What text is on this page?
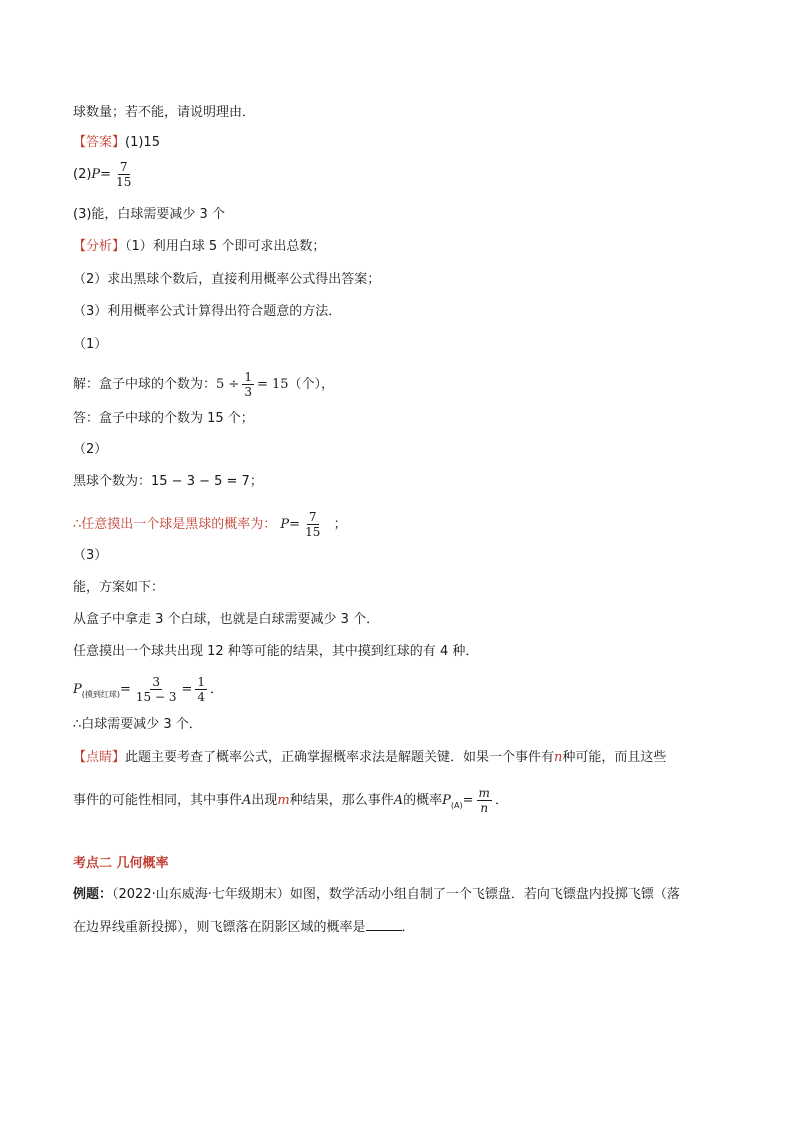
球数量；若不能，请说明理由．
【答案】(1)15
$(2)P= \frac{7}{15}$
(3)能，白球需要减少 3 个
【分析】（1）利用白球 5 个即可求出总数；
（2）求出黑球个数后，直接利用概率公式得出答案；
（3）利用概率公式计算得出符合题意的方法．
（1）
解：盒子中球的个数为：$5 \div \frac{1}{3} = 15$（个），
答：盒子中球的个数为 15 个；
（2）
黑球个数为：15 − 3 − 5 = 7；
∴任意摸出一个球是黑球的概率为： $P= \frac{7}{15}$ ；
（3）
能，方案如下：
从盒子中拿走 3 个白球，也就是白球需要减少 3 个．
任意摸出一个球共出现 12 种等可能的结果，其中摸到红球的有 4 种．
$P_{(摸到红球)}= \frac{3}{15 - 3} = \frac{1}{4}$ ．
∴白球需要减少 3 个．
【点睛】此题主要考查了概率公式，正确掌握概率求法是解题关键．如果一个事件有n种可能，而且这些
事件的可能性相同，其中事件A出现m种结果，那么事件A的概率$P_{(A)}= \frac{m}{n}$ ．
考点二 几何概率
例题：（2022·山东威海·七年级期末）如图，数学活动小组自制了一个飞镖盘．若向飞镖盘内投掷飞镖（落
在边界线重新投掷），则飞镖落在阴影区域的概率是	．
